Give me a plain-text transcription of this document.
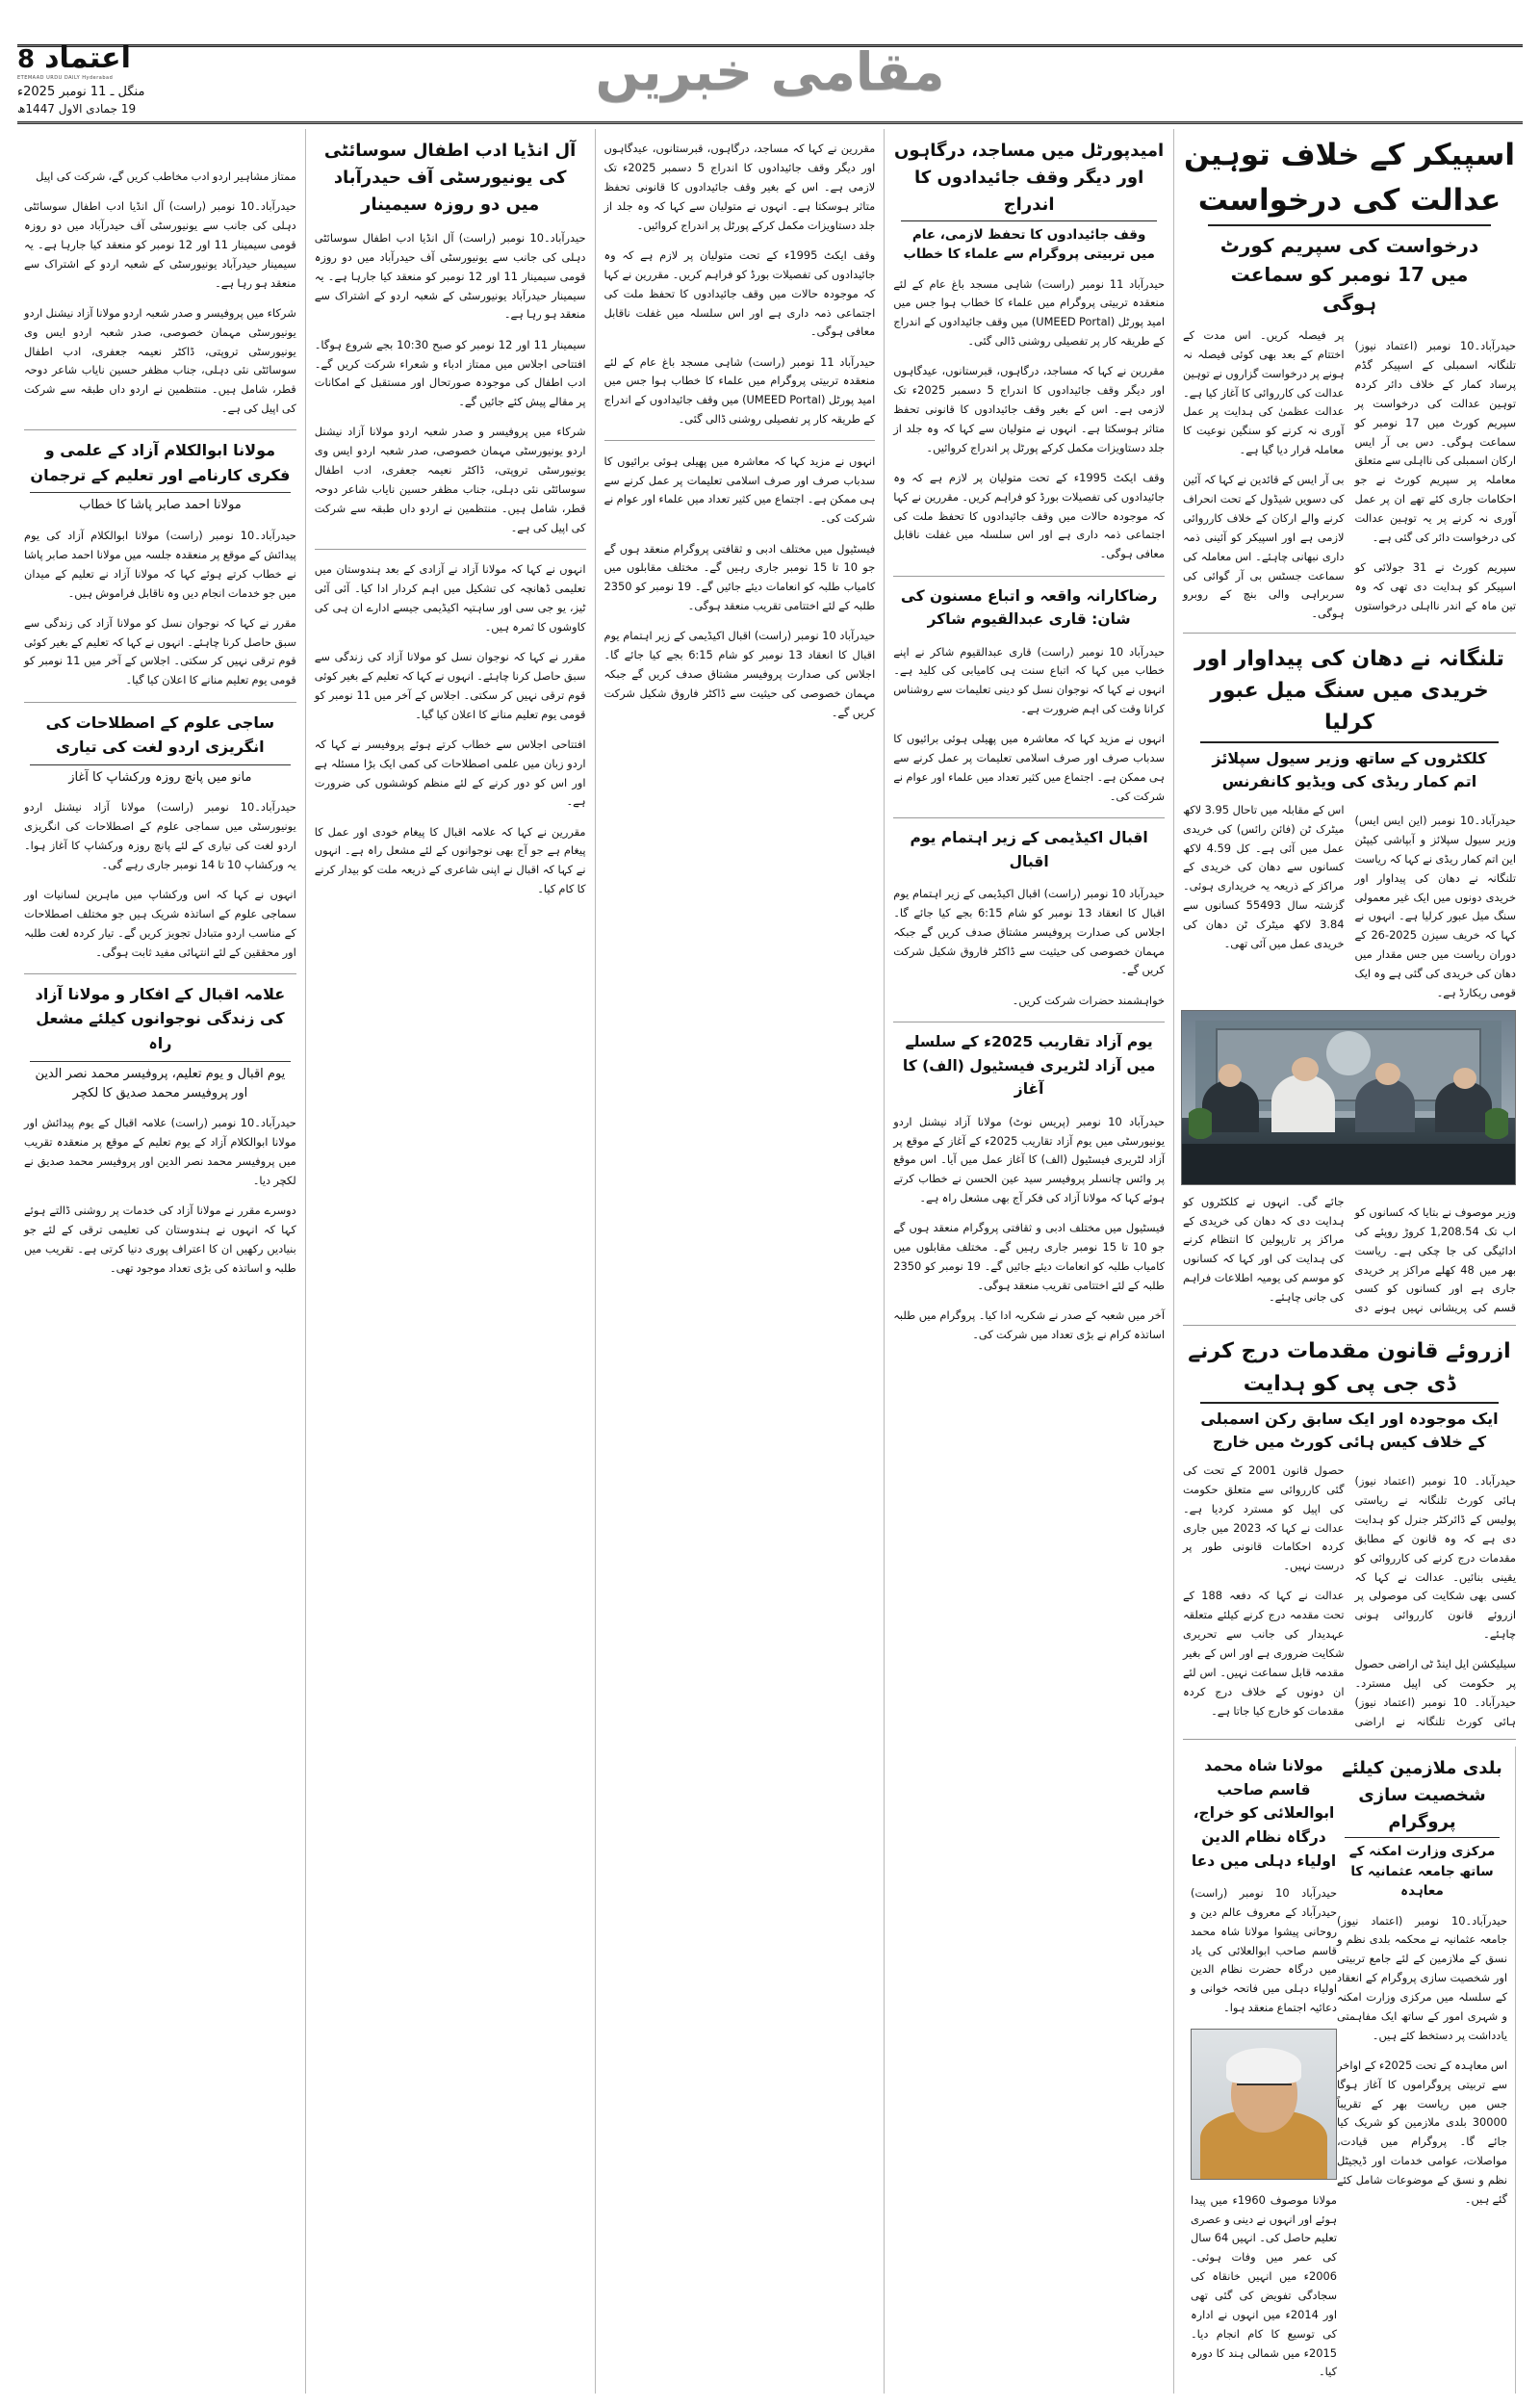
اعتماد8
ETEMAAD URDU DAILY Hyderabad
منگل ـ 11 نومبر 2025ء
19 جمادی الاول 1447ھ
مقامی خبریں
اسپیکر کے خلاف توہین عدالت کی درخواست
درخواست کی سپریم کورٹ میں 17 نومبر کو سماعت ہوگی

حیدرآباد۔10 نومبر (اعتماد نیوز) تلنگانہ اسمبلی کے اسپیکر گڈم پرساد کمار کے خلاف دائر کردہ توہین عدالت کی درخواست پر سپریم کورٹ میں 17 نومبر کو سماعت ہوگی۔ دس بی آر ایس ارکان اسمبلی کی نااہلی سے متعلق معاملہ پر سپریم کورٹ نے جو احکامات جاری کئے تھے ان پر عمل آوری نہ کرنے پر یہ توہین عدالت کی درخواست دائر کی گئی ہے۔

سپریم کورٹ نے 31 جولائی کو اسپیکر کو ہدایت دی تھی کہ وہ تین ماہ کے اندر نااہلی درخواستوں پر فیصلہ کریں۔ اس مدت کے اختتام کے بعد بھی کوئی فیصلہ نہ ہونے پر درخواست گزاروں نے توہین عدالت کی کارروائی کا آغاز کیا ہے۔ عدالت عظمیٰ کی ہدایت پر عمل آوری نہ کرنے کو سنگین نوعیت کا معاملہ قرار دیا گیا ہے۔

بی آر ایس کے قائدین نے کہا کہ آئین کی دسویں شیڈول کے تحت انحراف کرنے والے ارکان کے خلاف کارروائی لازمی ہے اور اسپیکر کو آئینی ذمہ داری نبھانی چاہئے۔ اس معاملہ کی سماعت جسٹس بی آر گوائی کی سربراہی والی بنچ کے روبرو ہوگی۔

تلنگانہ نے دھان کی پیداوار اور خریدی میں سنگ میل عبور کرلیا
کلکٹروں کے ساتھ وزیر سیول سپلائز اتم کمار ریڈی کی ویڈیو کانفرنس

حیدرآباد۔10 نومبر (این ایس ایس) وزیر سیول سپلائز و آبپاشی کیپٹن این اتم کمار ریڈی نے کہا کہ ریاست تلنگانہ نے دھان کی پیداوار اور خریدی دونوں میں ایک غیر معمولی سنگ میل عبور کرلیا ہے۔ انہوں نے کہا کہ خریف سیزن 2025-26 کے دوران ریاست میں جس مقدار میں دھان کی خریدی کی گئی ہے وہ ایک قومی ریکارڈ ہے۔

اس کے مقابلہ میں تاحال 3.95 لاکھ میٹرک ٹن (فائن رائس) کی خریدی عمل میں آئی ہے۔ کل 4.59 لاکھ کسانوں سے دھان کی خریدی کے مراکز کے ذریعہ یہ خریداری ہوئی۔ گزشتہ سال 55493 کسانوں سے 3.84 لاکھ میٹرک ٹن دھان کی خریدی عمل میں آئی تھی۔

وزیر موصوف نے بتایا کہ کسانوں کو اب تک 1,208.54 کروڑ روپئے کی ادائیگی کی جا چکی ہے۔ ریاست بھر میں 48 کھلے مراکز پر خریدی جاری ہے اور کسانوں کو کسی قسم کی پریشانی نہیں ہونے دی جائے گی۔ انہوں نے کلکٹروں کو ہدایت دی کہ دھان کی خریدی کے مراکز پر تارپولین کا انتظام کرنے کی ہدایت کی اور کہا کہ کسانوں کو موسم کی یومیہ اطلاعات فراہم کی جانی چاہئے۔

ازروئے قانون مقدمات درج کرنے ڈی جی پی کو ہدایت
ایک موجودہ اور ایک سابق رکن اسمبلی کے خلاف کیس ہائی کورٹ میں خارج

حیدرآباد۔ 10 نومبر (اعتماد نیوز) ہائی کورٹ تلنگانہ نے ریاستی پولیس کے ڈائرکٹر جنرل کو ہدایت دی ہے کہ وہ قانون کے مطابق مقدمات درج کرنے کی کارروائی کو یقینی بنائیں۔ عدالت نے کہا کہ کسی بھی شکایت کی موصولی پر ازروئے قانون کارروائی ہونی چاہئے۔

سیلیکشن ایل اینڈ ٹی اراضی حصول پر حکومت کی اپیل مسترد۔ حیدرآباد۔ 10 نومبر (اعتماد نیوز) ہائی کورٹ تلنگانہ نے اراضی حصول قانون 2001 کے تحت کی گئی کارروائی سے متعلق حکومت کی اپیل کو مسترد کردیا ہے۔ عدالت نے کہا کہ 2023 میں جاری کردہ احکامات قانونی طور پر درست نہیں۔

عدالت نے کہا کہ دفعہ 188 کے تحت مقدمہ درج کرنے کیلئے متعلقہ عہدیدار کی جانب سے تحریری شکایت ضروری ہے اور اس کے بغیر مقدمہ قابل سماعت نہیں۔ اس لئے ان دونوں کے خلاف درج کردہ مقدمات کو خارج کیا جاتا ہے۔

بلدی ملازمین کیلئے شخصیت سازی پروگرام
مرکزی وزارت امکنہ کے ساتھ جامعہ عثمانیہ کا معاہدہ

حیدرآباد۔10 نومبر (اعتماد نیوز) جامعہ عثمانیہ نے محکمہ بلدی نظم و نسق کے ملازمین کے لئے جامع تربیتی اور شخصیت سازی پروگرام کے انعقاد کے سلسلہ میں مرکزی وزارت امکنہ و شہری امور کے ساتھ ایک مفاہمتی یادداشت پر دستخط کئے ہیں۔

اس معاہدہ کے تحت 2025ء کے اواخر سے تربیتی پروگراموں کا آغاز ہوگا جس میں ریاست بھر کے تقریباً 30000 بلدی ملازمین کو شریک کیا جائے گا۔ پروگرام میں قیادت، مواصلات، عوامی خدمات اور ڈیجیٹل نظم و نسق کے موضوعات شامل کئے گئے ہیں۔

مولانا شاہ محمد قاسم صاحب ابوالعلائی کو خراج، درگاہ نظام الدین اولیاء دہلی میں دعا

حیدرآباد 10 نومبر (راست) حیدرآباد کے معروف عالم دین و روحانی پیشوا مولانا شاہ محمد قاسم صاحب ابوالعلائی کی یاد میں درگاہ حضرت نظام الدین اولیاء دہلی میں فاتحہ خوانی و دعائیہ اجتماع منعقد ہوا۔

مولانا موصوف 1960ء میں پیدا ہوئے اور انہوں نے دینی و عصری تعلیم حاصل کی۔ انہیں 64 سال کی عمر میں وفات ہوئی۔ 2006ء میں انہیں خانقاہ کی سجادگی تفویض کی گئی تھی اور 2014ء میں انہوں نے ادارہ کی توسیع کا کام انجام دیا۔ 2015ء میں شمالی ہند کا دورہ کیا۔

امیدپورٹل میں مساجد، درگاہوں اور دیگر وقف جائیدادوں کا اندراج
وقف جائیدادوں کا تحفظ لازمی، عام میں تربیتی پروگرام سے علماء کا خطاب

حیدرآباد 11 نومبر (راست) شاہی مسجد باغ عام کے لئے منعقدہ تربیتی پروگرام میں علماء کا خطاب ہوا جس میں امید پورٹل (UMEED Portal) میں وقف جائیدادوں کے اندراج کے طریقہ کار پر تفصیلی روشنی ڈالی گئی۔

مقررین نے کہا کہ مساجد، درگاہوں، قبرستانوں، عیدگاہوں اور دیگر وقف جائیدادوں کا اندراج 5 دسمبر 2025ء تک لازمی ہے۔ اس کے بغیر وقف جائیدادوں کا قانونی تحفظ متاثر ہوسکتا ہے۔ انہوں نے متولیان سے کہا کہ وہ جلد از جلد دستاویزات مکمل کرکے پورٹل پر اندراج کروائیں۔

وقف ایکٹ 1995ء کے تحت متولیان پر لازم ہے کہ وہ جائیدادوں کی تفصیلات بورڈ کو فراہم کریں۔ مقررین نے کہا کہ موجودہ حالات میں وقف جائیدادوں کا تحفظ ملت کی اجتماعی ذمہ داری ہے اور اس سلسلہ میں غفلت ناقابل معافی ہوگی۔

رضاکارانہ واقعہ و اتباع مسنون کی شان: قاری عبدالقیوم شاکر

حیدرآباد 10 نومبر (راست) قاری عبدالقیوم شاکر نے اپنے خطاب میں کہا کہ اتباع سنت ہی کامیابی کی کلید ہے۔ انہوں نے کہا کہ نوجوان نسل کو دینی تعلیمات سے روشناس کرانا وقت کی اہم ضرورت ہے۔

انہوں نے مزید کہا کہ معاشرہ میں پھیلی ہوئی برائیوں کا سدباب صرف اور صرف اسلامی تعلیمات پر عمل کرنے سے ہی ممکن ہے۔ اجتماع میں کثیر تعداد میں علماء اور عوام نے شرکت کی۔

اقبال اکیڈیمی کے زیر اہتمام یوم اقبال

حیدرآباد 10 نومبر (راست) اقبال اکیڈیمی کے زیر اہتمام یوم اقبال کا انعقاد 13 نومبر کو شام 6:15 بجے کیا جائے گا۔ اجلاس کی صدارت پروفیسر مشتاق صدف کریں گے جبکہ مہمان خصوصی کی حیثیت سے ڈاکٹر فاروق شکیل شرکت کریں گے۔

خواہشمند حضرات شرکت کریں۔

یوم آزاد تقاریب 2025ء کے سلسلے میں آزاد لٹریری فیسٹیول (الف) کا آغاز

حیدرآباد 10 نومبر (پریس نوٹ) مولانا آزاد نیشنل اردو یونیورسٹی میں یوم آزاد تقاریب 2025ء کے آغاز کے موقع پر آزاد لٹریری فیسٹیول (الف) کا آغاز عمل میں آیا۔ اس موقع پر وائس چانسلر پروفیسر سید عین الحسن نے خطاب کرتے ہوئے کہا کہ مولانا آزاد کی فکر آج بھی مشعل راہ ہے۔

فیسٹیول میں مختلف ادبی و ثقافتی پروگرام منعقد ہوں گے جو 10 تا 15 نومبر جاری رہیں گے۔ مختلف مقابلوں میں کامیاب طلبہ کو انعامات دیئے جائیں گے۔ 19 نومبر کو 2350 طلبہ کے لئے اختتامی تقریب منعقد ہوگی۔

آخر میں شعبہ کے صدر نے شکریہ ادا کیا۔ پروگرام میں طلبہ اساتذہ کرام نے بڑی تعداد میں شرکت کی۔

مقررین نے کہا کہ مساجد، درگاہوں، قبرستانوں، عیدگاہوں اور دیگر وقف جائیدادوں کا اندراج 5 دسمبر 2025ء تک لازمی ہے۔ اس کے بغیر وقف جائیدادوں کا قانونی تحفظ متاثر ہوسکتا ہے۔ انہوں نے متولیان سے کہا کہ وہ جلد از جلد دستاویزات مکمل کرکے پورٹل پر اندراج کروائیں۔

وقف ایکٹ 1995ء کے تحت متولیان پر لازم ہے کہ وہ جائیدادوں کی تفصیلات بورڈ کو فراہم کریں۔ مقررین نے کہا کہ موجودہ حالات میں وقف جائیدادوں کا تحفظ ملت کی اجتماعی ذمہ داری ہے اور اس سلسلہ میں غفلت ناقابل معافی ہوگی۔

حیدرآباد 11 نومبر (راست) شاہی مسجد باغ عام کے لئے منعقدہ تربیتی پروگرام میں علماء کا خطاب ہوا جس میں امید پورٹل (UMEED Portal) میں وقف جائیدادوں کے اندراج کے طریقہ کار پر تفصیلی روشنی ڈالی گئی۔

انہوں نے مزید کہا کہ معاشرہ میں پھیلی ہوئی برائیوں کا سدباب صرف اور صرف اسلامی تعلیمات پر عمل کرنے سے ہی ممکن ہے۔ اجتماع میں کثیر تعداد میں علماء اور عوام نے شرکت کی۔

فیسٹیول میں مختلف ادبی و ثقافتی پروگرام منعقد ہوں گے جو 10 تا 15 نومبر جاری رہیں گے۔ مختلف مقابلوں میں کامیاب طلبہ کو انعامات دیئے جائیں گے۔ 19 نومبر کو 2350 طلبہ کے لئے اختتامی تقریب منعقد ہوگی۔

حیدرآباد 10 نومبر (راست) اقبال اکیڈیمی کے زیر اہتمام یوم اقبال کا انعقاد 13 نومبر کو شام 6:15 بجے کیا جائے گا۔ اجلاس کی صدارت پروفیسر مشتاق صدف کریں گے جبکہ مہمان خصوصی کی حیثیت سے ڈاکٹر فاروق شکیل شرکت کریں گے۔

آل انڈیا ادب اطفال سوسائٹی کی یونیورسٹی آف حیدرآباد میں دو روزہ سیمینار

حیدرآباد۔10 نومبر (راست) آل انڈیا ادب اطفال سوسائٹی دہلی کی جانب سے یونیورسٹی آف حیدرآباد میں دو روزہ قومی سیمینار 11 اور 12 نومبر کو منعقد کیا جارہا ہے۔ یہ سیمینار حیدرآباد یونیورسٹی کے شعبہ اردو کے اشتراک سے منعقد ہو رہا ہے۔

سیمینار 11 اور 12 نومبر کو صبح 10:30 بجے شروع ہوگا۔ افتتاحی اجلاس میں ممتاز ادباء و شعراء شرکت کریں گے۔ ادب اطفال کی موجودہ صورتحال اور مستقبل کے امکانات پر مقالے پیش کئے جائیں گے۔

شرکاء میں پروفیسر و صدر شعبہ اردو مولانا آزاد نیشنل اردو یونیورسٹی مہمان خصوصی، صدر شعبہ اردو ایس وی یونیورسٹی تروپتی، ڈاکٹر نعیمہ جعفری، ادب اطفال سوسائٹی نئی دہلی، جناب مظفر حسین نایاب شاعر دوحہ قطر، شامل ہیں۔ منتظمین نے اردو داں طبقہ سے شرکت کی اپیل کی ہے۔

انہوں نے کہا کہ مولانا آزاد نے آزادی کے بعد ہندوستان میں تعلیمی ڈھانچہ کی تشکیل میں اہم کردار ادا کیا۔ آئی آئی ٹیز، یو جی سی اور ساہتیہ اکیڈیمی جیسے ادارے ان ہی کی کاوشوں کا ثمرہ ہیں۔

مقرر نے کہا کہ نوجوان نسل کو مولانا آزاد کی زندگی سے سبق حاصل کرنا چاہئے۔ انہوں نے کہا کہ تعلیم کے بغیر کوئی قوم ترقی نہیں کر سکتی۔ اجلاس کے آخر میں 11 نومبر کو قومی یوم تعلیم منانے کا اعلان کیا گیا۔

افتتاحی اجلاس سے خطاب کرتے ہوئے پروفیسر نے کہا کہ اردو زبان میں علمی اصطلاحات کی کمی ایک بڑا مسئلہ ہے اور اس کو دور کرنے کے لئے منظم کوششوں کی ضرورت ہے۔

مقررین نے کہا کہ علامہ اقبال کا پیغام خودی اور عمل کا پیغام ہے جو آج بھی نوجوانوں کے لئے مشعل راہ ہے۔ انہوں نے کہا کہ اقبال نے اپنی شاعری کے ذریعہ ملت کو بیدار کرنے کا کام کیا۔

ممتاز مشاہیر اردو ادب مخاطب کریں گے، شرکت کی اپیل

حیدرآباد۔10 نومبر (راست) آل انڈیا ادب اطفال سوسائٹی دہلی کی جانب سے یونیورسٹی آف حیدرآباد میں دو روزہ قومی سیمینار 11 اور 12 نومبر کو منعقد کیا جارہا ہے۔ یہ سیمینار حیدرآباد یونیورسٹی کے شعبہ اردو کے اشتراک سے منعقد ہو رہا ہے۔

شرکاء میں پروفیسر و صدر شعبہ اردو مولانا آزاد نیشنل اردو یونیورسٹی مہمان خصوصی، صدر شعبہ اردو ایس وی یونیورسٹی تروپتی، ڈاکٹر نعیمہ جعفری، ادب اطفال سوسائٹی نئی دہلی، جناب مظفر حسین نایاب شاعر دوحہ قطر، شامل ہیں۔ منتظمین نے اردو داں طبقہ سے شرکت کی اپیل کی ہے۔

مولانا ابوالکلام آزاد کے علمی و فکری کارنامے اور تعلیم کے ترجمان
مولانا احمد صابر پاشا کا خطاب

حیدرآباد۔10 نومبر (راست) مولانا ابوالکلام آزاد کی یوم پیدائش کے موقع پر منعقدہ جلسہ میں مولانا احمد صابر پاشا نے خطاب کرتے ہوئے کہا کہ مولانا آزاد نے تعلیم کے میدان میں جو خدمات انجام دیں وہ ناقابل فراموش ہیں۔

مقرر نے کہا کہ نوجوان نسل کو مولانا آزاد کی زندگی سے سبق حاصل کرنا چاہئے۔ انہوں نے کہا کہ تعلیم کے بغیر کوئی قوم ترقی نہیں کر سکتی۔ اجلاس کے آخر میں 11 نومبر کو قومی یوم تعلیم منانے کا اعلان کیا گیا۔

ساجی علوم کے اصطلاحات کی انگریزی اردو لغت کی تیاری
مانو میں پانچ روزہ ورکشاپ کا آغاز

حیدرآباد۔10 نومبر (راست) مولانا آزاد نیشنل اردو یونیورسٹی میں سماجی علوم کے اصطلاحات کی انگریزی اردو لغت کی تیاری کے لئے پانچ روزہ ورکشاپ کا آغاز ہوا۔ یہ ورکشاپ 10 تا 14 نومبر جاری رہے گی۔

انہوں نے کہا کہ اس ورکشاپ میں ماہرین لسانیات اور سماجی علوم کے اساتذہ شریک ہیں جو مختلف اصطلاحات کے مناسب اردو متبادل تجویز کریں گے۔ تیار کردہ لغت طلبہ اور محققین کے لئے انتہائی مفید ثابت ہوگی۔

علامہ اقبال کے افکار و مولانا آزاد کی زندگی نوجوانوں کیلئے مشعل راہ
یوم اقبال و یوم تعلیم، پروفیسر محمد نصر الدین اور پروفیسر محمد صدیق کا لکچر

حیدرآباد۔10 نومبر (راست) علامہ اقبال کے یوم پیدائش اور مولانا ابوالکلام آزاد کے یوم تعلیم کے موقع پر منعقدہ تقریب میں پروفیسر محمد نصر الدین اور پروفیسر محمد صدیق نے لکچر دیا۔

دوسرے مقرر نے مولانا آزاد کی خدمات پر روشنی ڈالتے ہوئے کہا کہ انہوں نے ہندوستان کی تعلیمی ترقی کے لئے جو بنیادیں رکھیں ان کا اعتراف پوری دنیا کرتی ہے۔ تقریب میں طلبہ و اساتذہ کی بڑی تعداد موجود تھی۔
